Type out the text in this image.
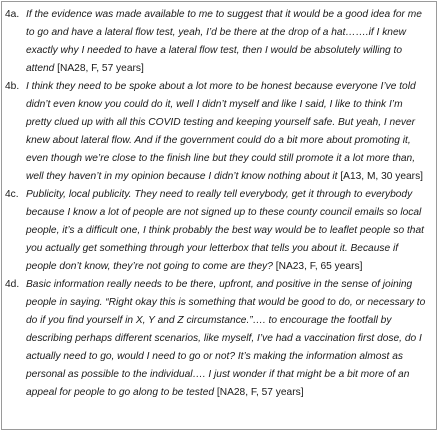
4a. If the evidence was made available to me to suggest that it would be a good idea for me to go and have a lateral flow test, yeah, I’d be there at the drop of a hat…….if I knew exactly why I needed to have a lateral flow test, then I would be absolutely willing to attend [NA28, F, 57 years]
4b. I think they need to be spoke about a lot more to be honest because everyone I’ve told didn’t even know you could do it, well I didn’t myself and like I said, I like to think I’m pretty clued up with all this COVID testing and keeping yourself safe. But yeah, I never knew about lateral flow. And if the government could do a bit more about promoting it, even though we’re close to the finish line but they could still promote it a lot more than, well they haven’t in my opinion because I didn’t know nothing about it [A13, M, 30 years]
4c. Publicity, local publicity. They need to really tell everybody, get it through to everybody because I know a lot of people are not signed up to these county council emails so local people, it’s a difficult one, I think probably the best way would be to leaflet people so that you actually get something through your letterbox that tells you about it. Because if people don’t know, they’re not going to come are they? [NA23, F, 65 years]
4d. Basic information really needs to be there, upfront, and positive in the sense of joining people in saying. “Right okay this is something that would be good to do, or necessary to do if you find yourself in X, Y and Z circumstance.”…. to encourage the footfall by describing perhaps different scenarios, like myself, I’ve had a vaccination first dose, do I actually need to go, would I need to go or not? It’s making the information almost as personal as possible to the individual…. I just wonder if that might be a bit more of an appeal for people to go along to be tested [NA28, F, 57 years]
